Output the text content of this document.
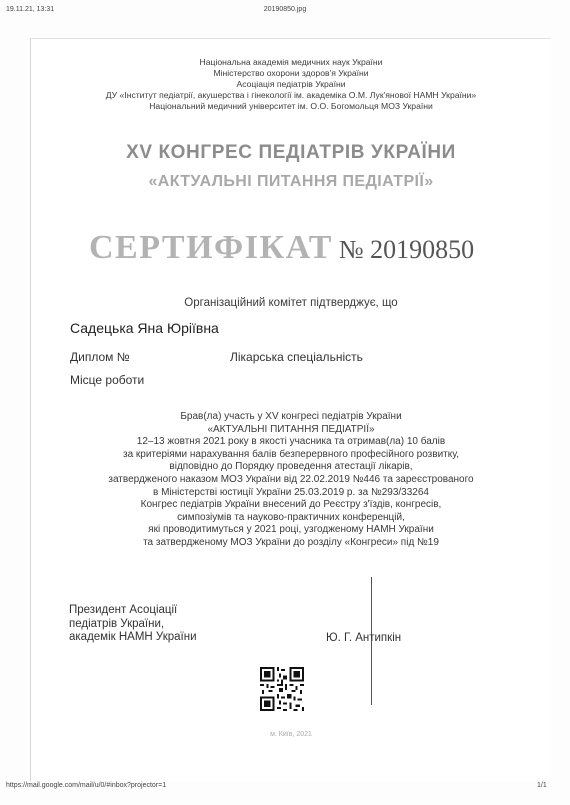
19.11.21, 13:31	20190850.jpg
Національна академія медичних наук України
Міністерство охорони здоров'я України
Асоціація педіатрів України
ДУ «Інститут педіатрії, акушерства і гінекології ім. академіка О.М. Лук'янової НАМН України»
Національний медичний університет ім. О.О. Богомольця МОЗ України
XV КОНГРЕС ПЕДІАТРІВ УКРАЇНИ
«АКТУАЛЬНІ ПИТАННЯ ПЕДІАТРІЇ»
СЕРТИФІКАТ № 20190850
Організаційний комітет підтверджує, що
Садецька Яна Юріївна
Диплом №	Лікарська спеціальність
Місце роботи
Брав(ла) участь у XV конгресі педіатрів України
«АКТУАЛЬНІ ПИТАННЯ ПЕДІАТРІЇ»
12–13 жовтня 2021 року в якості учасника та отримав(ла) 10 балів
за критеріями нарахування балів безперервного професійного розвитку,
відповідно до Порядку проведення атестації лікарів,
затвердженого наказом МОЗ України від 22.02.2019 №446 та зареєстрованого
в Міністерстві юстиції України 25.03.2019 р. за №293/33264
Конгрес педіатрів України внесений до Реєстру з'їздів, конгресів,
симпозіумів та науково-практичних конференцій,
які проводитимуться у 2021 році, узгодженому НАМН України
та затвердженому МОЗ України до розділу «Конгреси» під №19
Президент Асоціації
педіатрів України,
академік НАМН України	Ю. Г. Антипкін
м. Київ, 2021
https://mail.google.com/mail/u/0/#inbox?projector=1	1/1
